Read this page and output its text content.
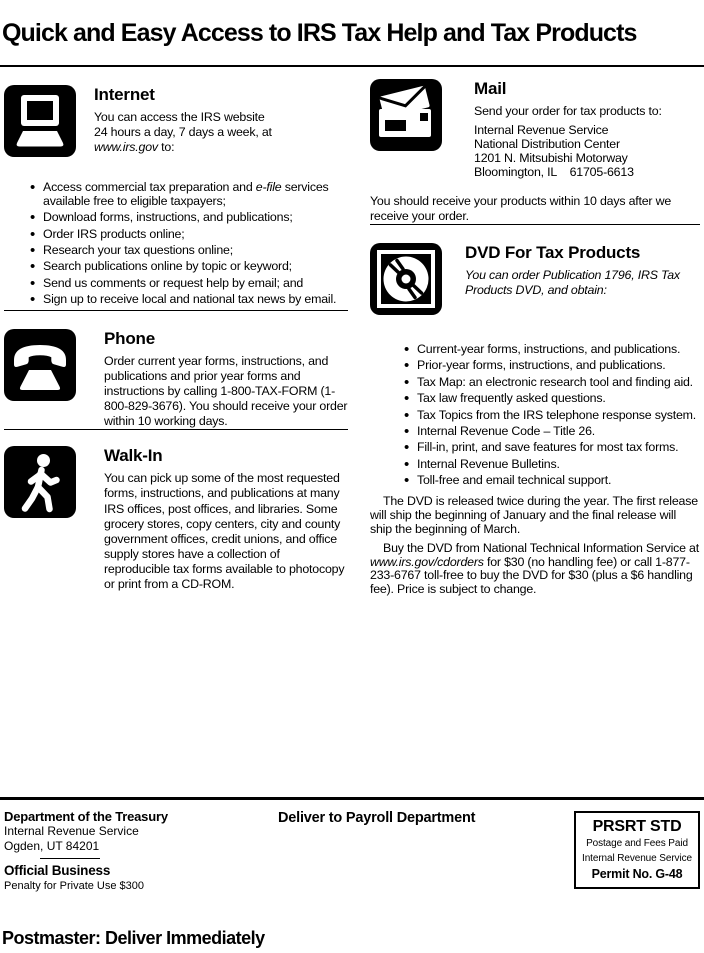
Quick and Easy Access to IRS Tax Help and Tax Products
Internet
You can access the IRS website
24 hours a day, 7 days a week, at
www.irs.gov to:
• Access commercial tax preparation and e-file services available free to eligible taxpayers;
• Download forms, instructions, and publications;
• Order IRS products online;
• Research your tax questions online;
• Search publications online by topic or keyword;
• Send us comments or request help by email; and
• Sign up to receive local and national tax news by email.
Phone
Order current year forms, instructions, and publications and prior year forms and instructions by calling 1-800-TAX-FORM (1-800-829-3676). You should receive your order within 10 working days.
Walk-In
You can pick up some of the most requested forms, instructions, and publications at many IRS offices, post offices, and libraries. Some grocery stores, copy centers, city and county government offices, credit unions, and office supply stores have a collection of reproducible tax forms available to photocopy or print from a CD-ROM.
Mail
Send your order for tax products to:
Internal Revenue Service
National Distribution Center
1201 N. Mitsubishi Motorway
Bloomington, IL    61705-6613
You should receive your products within 10 days after we receive your order.
DVD For Tax Products
You can order Publication 1796, IRS Tax Products DVD, and obtain:
• Current-year forms, instructions, and publications.
• Prior-year forms, instructions, and publications.
• Tax Map: an electronic research tool and finding aid.
• Tax law frequently asked questions.
• Tax Topics from the IRS telephone response system.
• Internal Revenue Code – Title 26.
• Fill-in, print, and save features for most tax forms.
• Internal Revenue Bulletins.
• Toll-free and email technical support.

The DVD is released twice during the year. The first release will ship the beginning of January and the final release will ship the beginning of March.

Buy the DVD from National Technical Information Service at www.irs.gov/cdorders for $30 (no handling fee) or call 1-877-233-6767 toll-free to buy the DVD for $30 (plus a $6 handling fee). Price is subject to change.

Department of the Treasury
Internal Revenue Service
Ogden, UT 84201
Official Business
Penalty for Private Use $300
Deliver to Payroll Department	PRSRT STD
Postage and Fees Paid
Internal Revenue Service
Permit No. G-48
Postmaster: Deliver Immediately
